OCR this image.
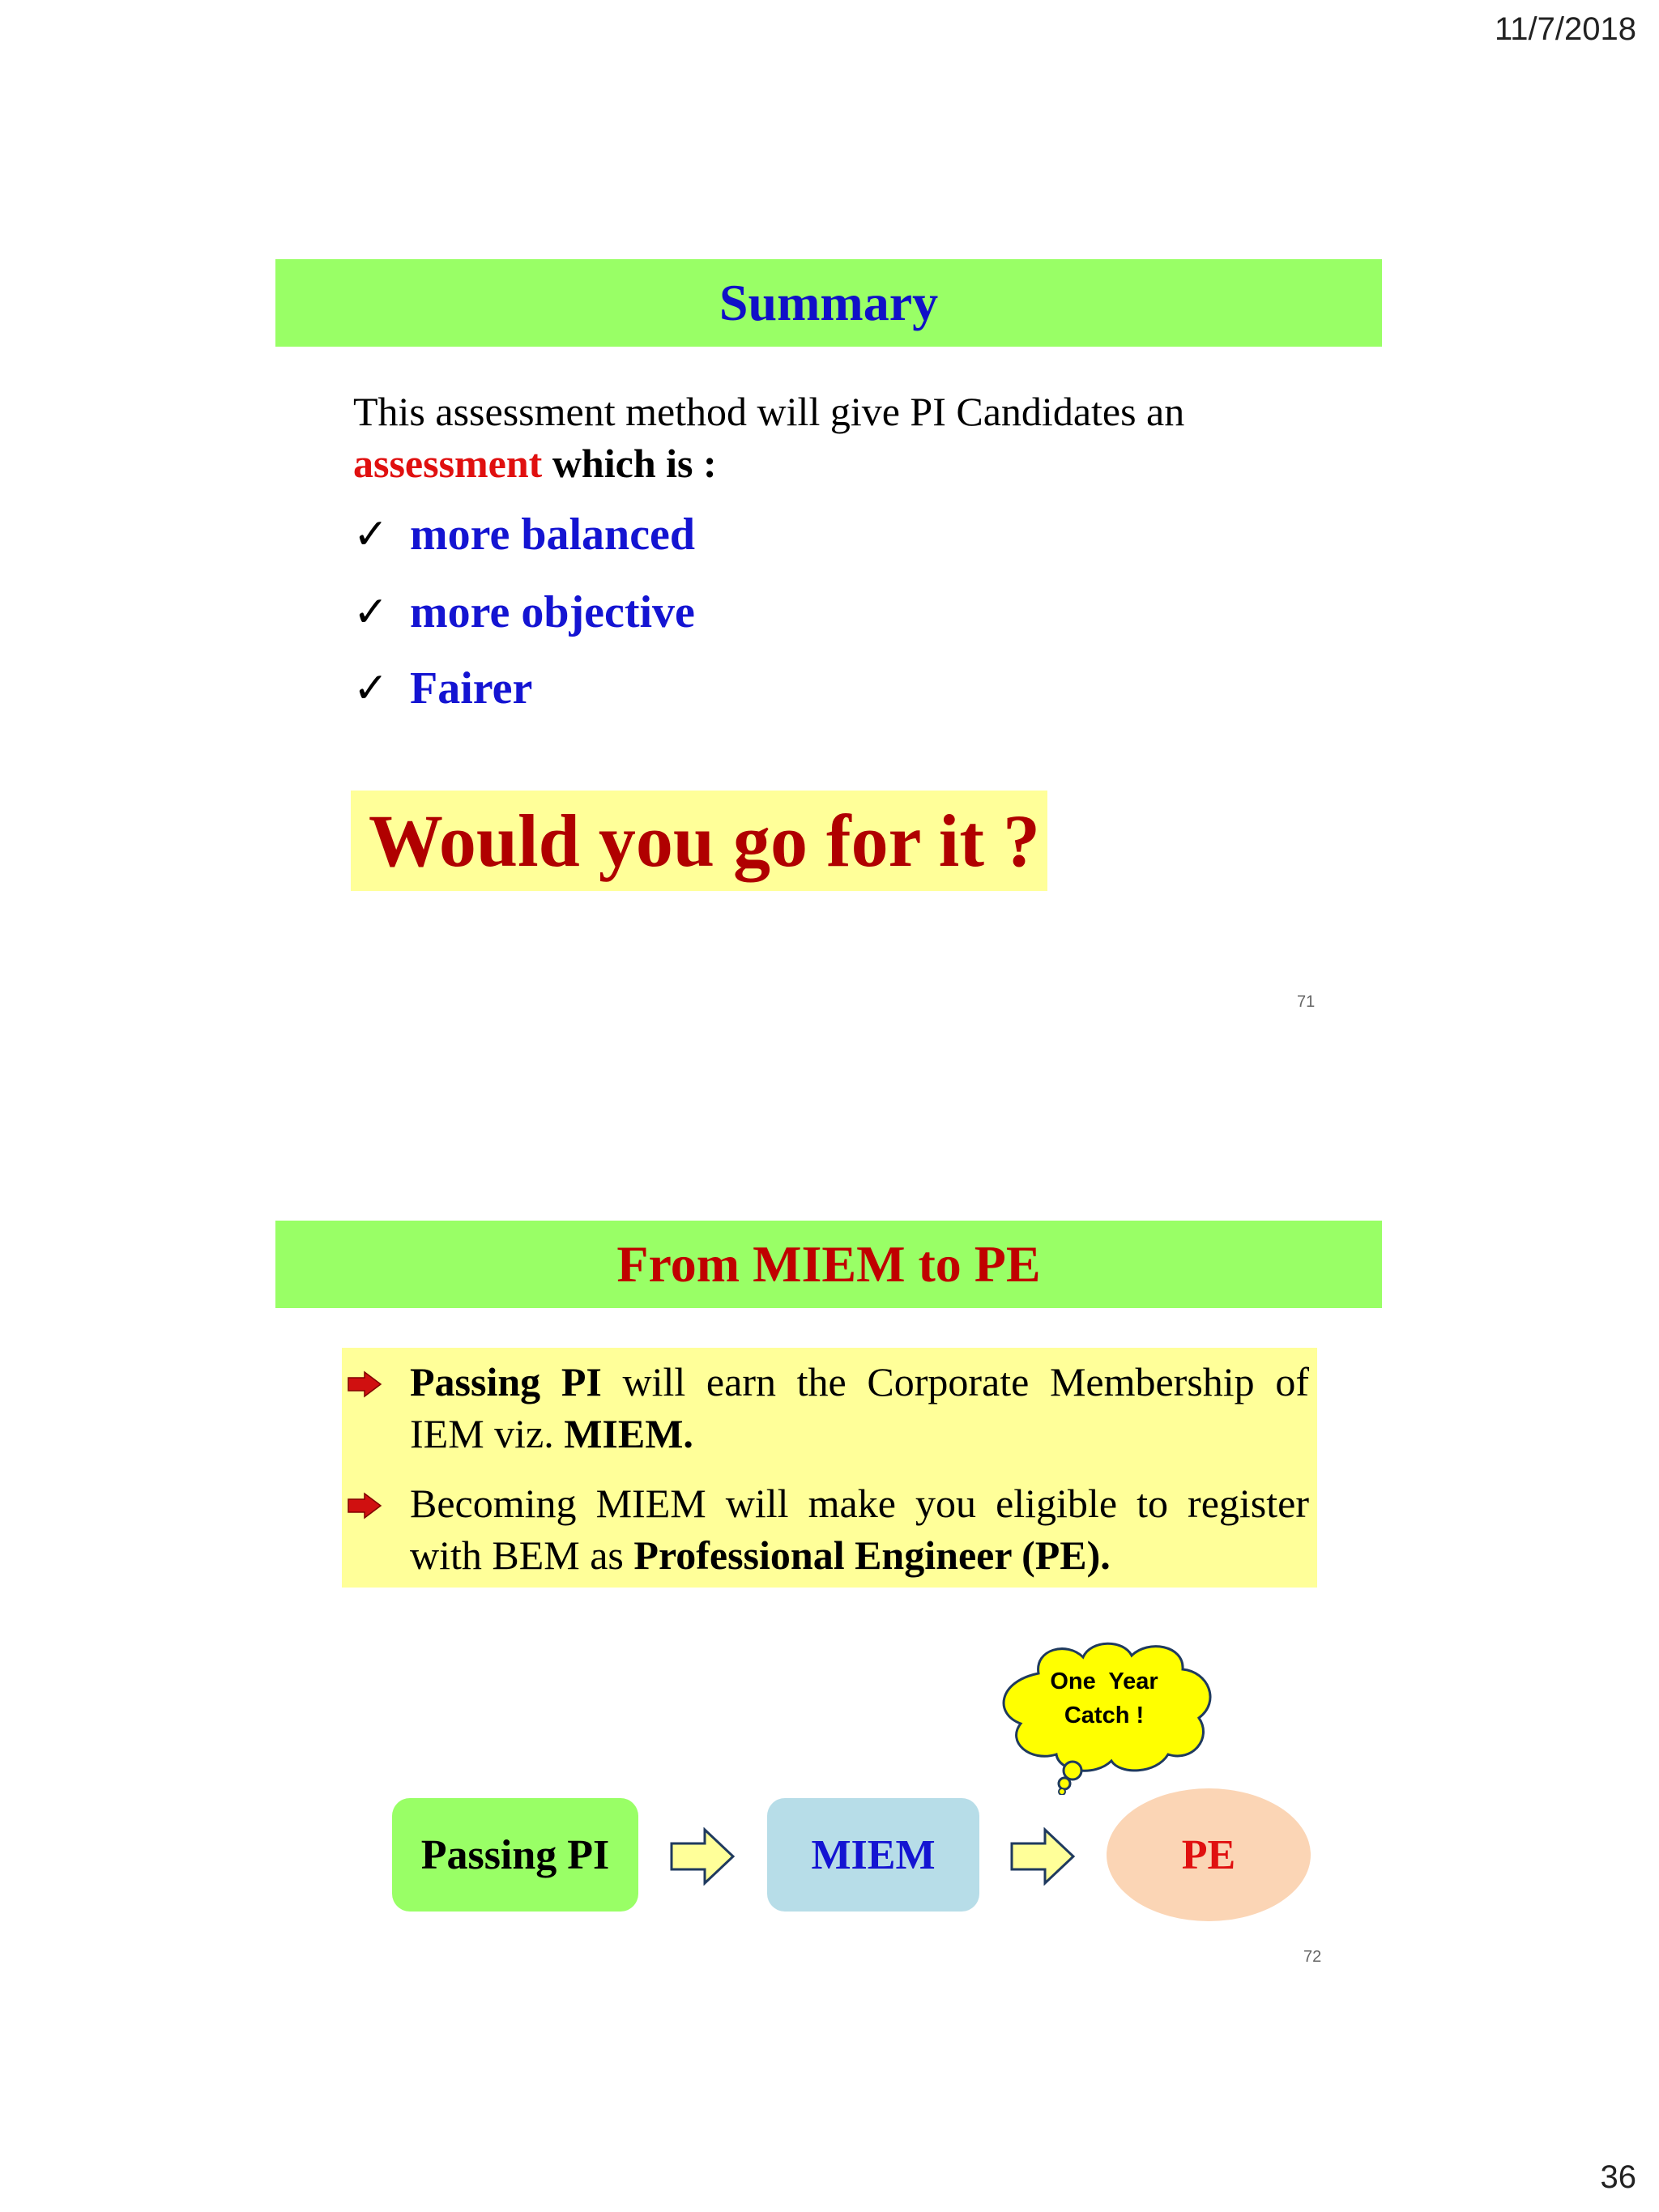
11/7/2018
Summary
This assessment method will give PI Candidates an
assessment which is :
✓ more balanced
✓ more objective
✓ Fairer
Would you go for it ?
71
From MIEM to PE
Passing PI will earn the Corporate Membership of IEM viz. MIEM.
Becoming MIEM will make you eligible to register with BEM as Professional Engineer (PE).
One  Year
Catch !
Passing PI	MIEM	PE
72
36
